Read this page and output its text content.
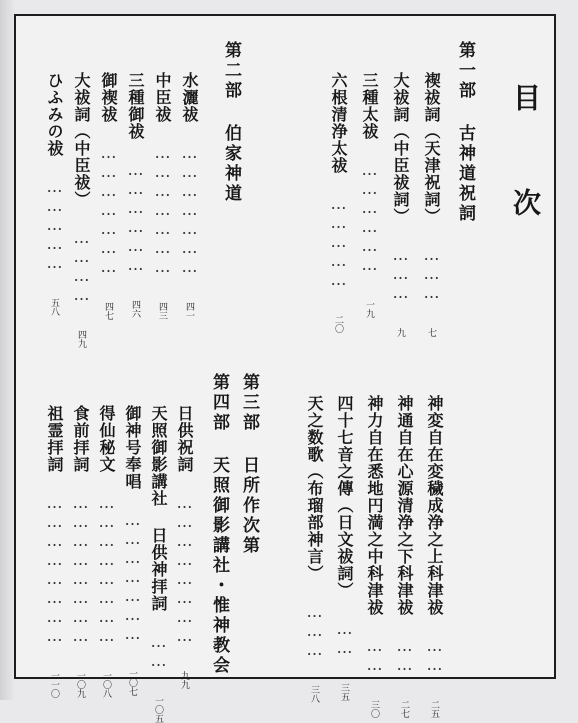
目 次
第一部 古神道祝詞
禊祓詞（天津祝詞） ……… 七
大祓詞（中臣祓詞） ……… 九
三種太祓 ……………… 一九
六根清浄太祓 …………… 二〇
神変自在変穢成浄之上科津祓 …… 二五
神通自在心源清浄之下科津祓 …… 二七
神力自在悉地円満之中科津祓 …… 三〇
四十七音之傳（日文祓詞） …… 三五
天之数歌（布瑠部神言） ……… 三八
第二部 伯家神道
水灑祓 ………………… 四一
中臣祓 ………………… 四三
三種御祓 ……………… 四六
御禊祓 ………………… 四七
大祓詞（中臣祓） ………… 四九
ひふみの祓 …………… 五八
第三部 日所作次第
第四部 天照御影講社・惟神教会
日供祝詞 …………………… 九九
天照御影講社 日供神拝詞 …… 一〇五
御神号奉唱 ………………… 一〇七
得仙秘文 …………………… 一〇八
食前拝詞 …………………… 一〇九
祖霊拝詞 …………………… 一一〇
